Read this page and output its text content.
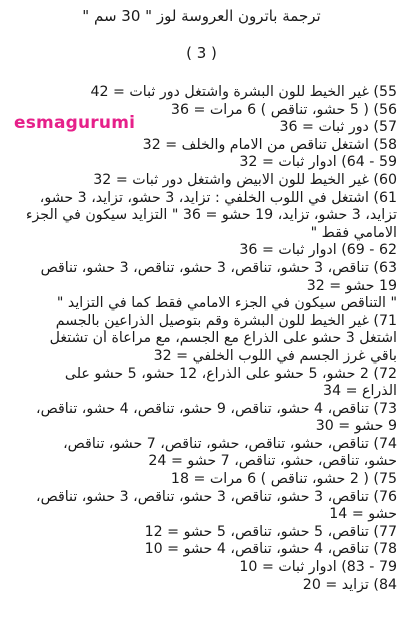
ترجمة باترون العروسة لوز " 30 سم "
( 3 )
esmagurumi
55) غير الخيط للون البشرة واشتغل دور ثبات = 42
56) ( 5 حشو، تناقص ) 6 مرات = 36
57) دور ثبات = 36
58) اشتغل تناقص من الامام والخلف = 32
59 - 64) ادوار ثبات = 32
60) غير الخيط للون الابيض واشتغل دور ثبات = 32
61) اشتغل في اللوب الخلفي : تزايد، 3 حشو، تزايد، 3 حشو،
تزايد، 3 حشو، تزايد، 19 حشو = 36 " التزايد سيكون في الجزء
الامامي فقط "
62 - 69) ادوار ثبات = 36
63) تناقص، 3 حشو، تناقص، 3 حشو، تناقص، 3 حشو، تناقص
19 حشو = 32
" التناقص سيكون في الجزء الامامي فقط كما في التزايد "
71) غير الخيط للون البشرة وقم بتوصيل الذراعين بالجسم
اشتغل 3 حشو على الذراع مع الجسم، مع مراعاة أن تشتغل
باقي غرز الجسم في اللوب الخلفي = 32
72) 2 حشو، 5 حشو على الذراع، 12 حشو، 5 حشو على
الذراع = 34
73) تناقص، 4 حشو، تناقص، 9 حشو، تناقص، 4 حشو، تناقص،
9 حشو = 30
74) تناقص، حشو، تناقص، حشو، تناقص، 7 حشو، تناقص،
حشو، تناقص، حشو، تناقص، 7 حشو = 24
75) ( 2 حشو، تناقص ) 6 مرات = 18
76) تناقص، 3 حشو، تناقص، 3 حشو، تناقص، 3 حشو، تناقص،
حشو = 14
77) تناقص، 5 حشو، تناقص، 5 حشو = 12
78) تناقص، 4 حشو، تناقص، 4 حشو = 10
79 - 83) ادوار ثبات = 10
84) تزايد = 20
